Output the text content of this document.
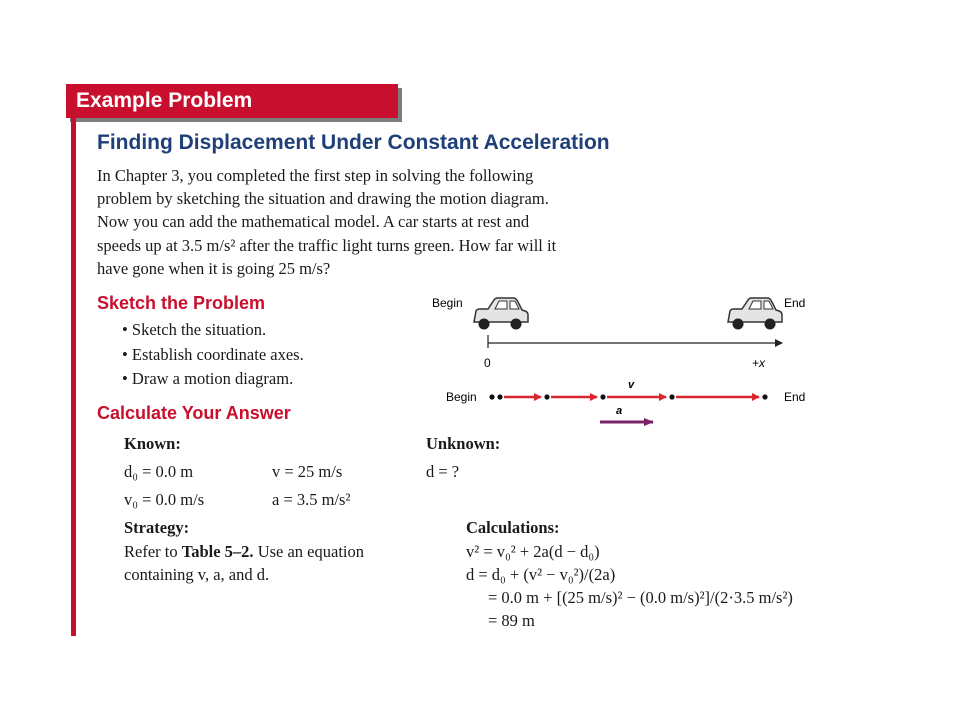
Example Problem
Finding Displacement Under Constant Acceleration

In Chapter 3, you completed the first step in solving the following

problem by sketching the situation and drawing the motion diagram.

Now you can add the mathematical model. A car starts at rest and

speeds up at 3.5 m/s² after the traffic light turns green. How far will it

have gone when it is going 25 m/s?

Sketch the Problem
• Sketch the situation.
• Establish coordinate axes.
• Draw a motion diagram.
Begin	End
0	+x
Begin	End
v
a
Calculate Your Answer
Known:	Unknown:
d₀ = 0.0 m	v = 25 m/s	d = ?
v₀ = 0.0 m/s	a = 3.5 m/s²
Strategy:
Refer to Table 5–2. Use an equation
containing v, a, and d.
Calculations:
v² = v₀² + 2a(d − d₀)
d = d₀ + (v² − v₀²)/(2a)
= 0.0 m + [(25 m/s)² − (0.0 m/s)²]/(2·3.5 m/s²)
= 89 m
